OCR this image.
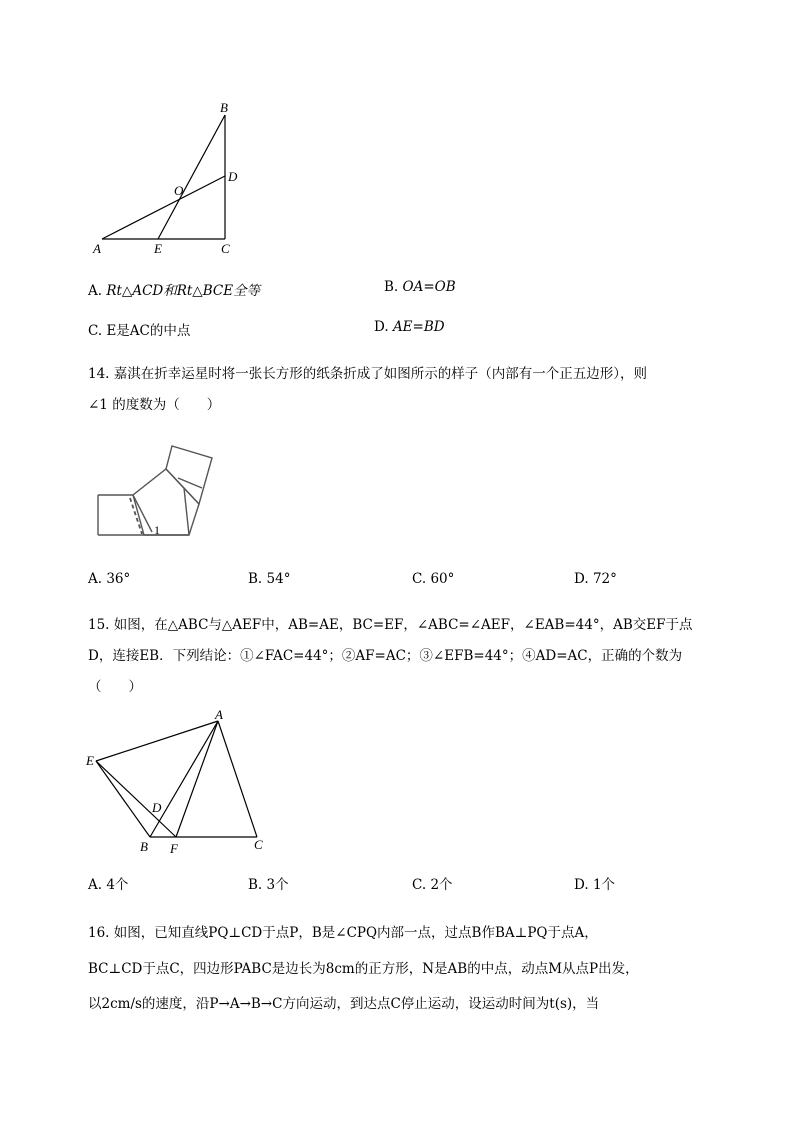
A	E	C
B
D
O
A. Rt△ACD和Rt△BCE全等	B. OA=OB
C. E是AC的中点	D. AE=BD
14. 嘉淇在折幸运星时将一张长方形的纸条折成了如图所示的样子（内部有一个正五边形），则
∠1 的度数为（　　）
1
A. 36°	B. 54°	C. 60°	D. 72°
15. 如图，在△ABC与△AEF中，AB=AE，BC=EF，∠ABC=∠AEF，∠EAB=44°，AB交EF于点
D，连接EB．下列结论：①∠FAC=44°；②AF=AC；③∠EFB=44°；④AD=AC，正确的个数为
（　　）
A
E
D
B F	C
A. 4个	B. 3个	C. 2个	D. 1个
16. 如图，已知直线PQ⊥CD于点P，B是∠CPQ内部一点，过点B作BA⊥PQ于点A，
BC⊥CD于点C，四边形PABC是边长为8cm的正方形，N是AB的中点，动点M从点P出发，
以2cm/s的速度，沿P→A→B→C方向运动，到达点C停止运动，设运动时间为t(s)，当
